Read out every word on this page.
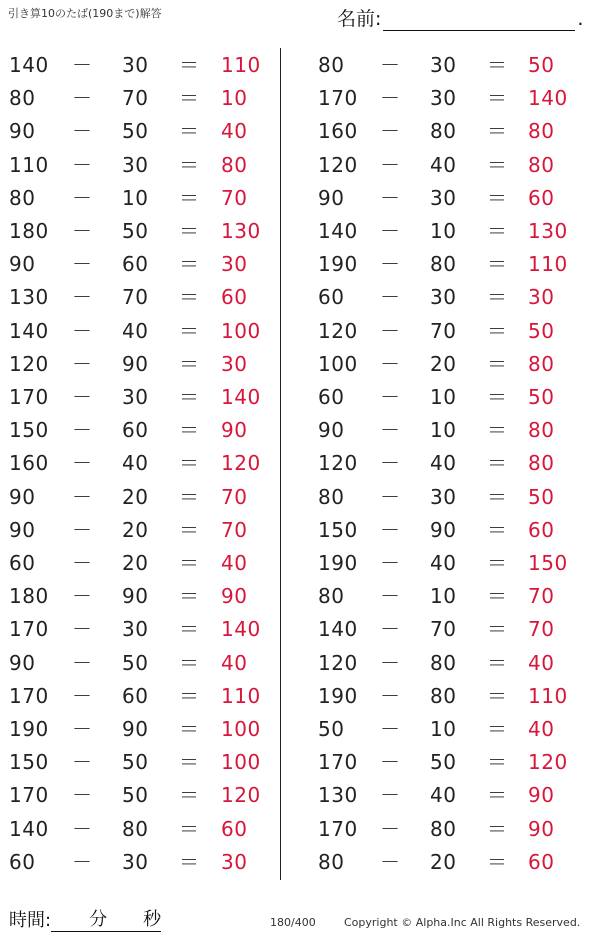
引き算10のたば(190まで)解答	名前:	.
140 － 30 ＝ 110
80 － 70 ＝ 10
90 － 50 ＝ 40
110 － 30 ＝ 80
80 － 10 ＝ 70
180 － 50 ＝ 130
90 － 60 ＝ 30
130 － 70 ＝ 60
140 － 40 ＝ 100
120 － 90 ＝ 30
170 － 30 ＝ 140
150 － 60 ＝ 90
160 － 40 ＝ 120
90 － 20 ＝ 70
90 － 20 ＝ 70
60 － 20 ＝ 40
180 － 90 ＝ 90
170 － 30 ＝ 140
90 － 50 ＝ 40
170 － 60 ＝ 110
190 － 90 ＝ 100
150 － 50 ＝ 100
170 － 50 ＝ 120
140 － 80 ＝ 60
60 － 30 ＝ 30
80 － 30 ＝ 50
170 － 30 ＝ 140
160 － 80 ＝ 80
120 － 40 ＝ 80
90 － 30 ＝ 60
140 － 10 ＝ 130
190 － 80 ＝ 110
60 － 30 ＝ 30
120 － 70 ＝ 50
100 － 20 ＝ 80
60 － 10 ＝ 50
90 － 10 ＝ 80
120 － 40 ＝ 80
80 － 30 ＝ 50
150 － 90 ＝ 60
190 － 40 ＝ 150
80 － 10 ＝ 70
140 － 70 ＝ 70
120 － 80 ＝ 40
190 － 80 ＝ 110
50 － 10 ＝ 40
170 － 50 ＝ 120
130 － 40 ＝ 90
170 － 80 ＝ 90
80 － 20 ＝ 60
時間: 分 秒	180/400	Copyright © Alpha.Inc All Rights Reserved.
